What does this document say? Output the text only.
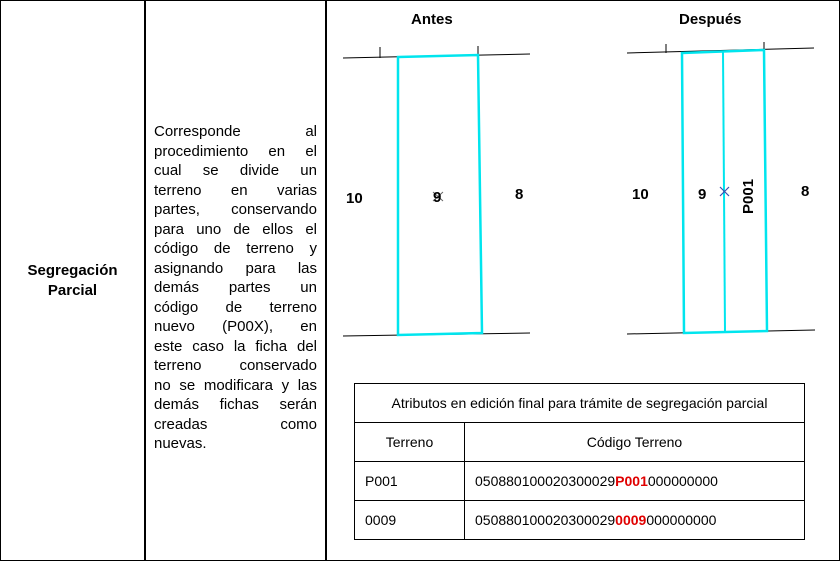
Segregación Parcial
Corresponde al
procedimiento en el
cual se divide un
terreno en varias
partes, conservando
para uno de ellos el
código de terreno y
asignando para las
demás partes un
código de terreno
nuevo (P00X), en
este caso la ficha del
terreno conservado
no se modificara y las
demás fichas serán
creadas como
nuevas.
Antes	Después
10	9	8	10	9	8
P001
Atributos en edición final para trámite de segregación parcial	
Terreno	Código Terreno
P001	050880100020300029P001000000000
0009	0508801000203000290009000000000
